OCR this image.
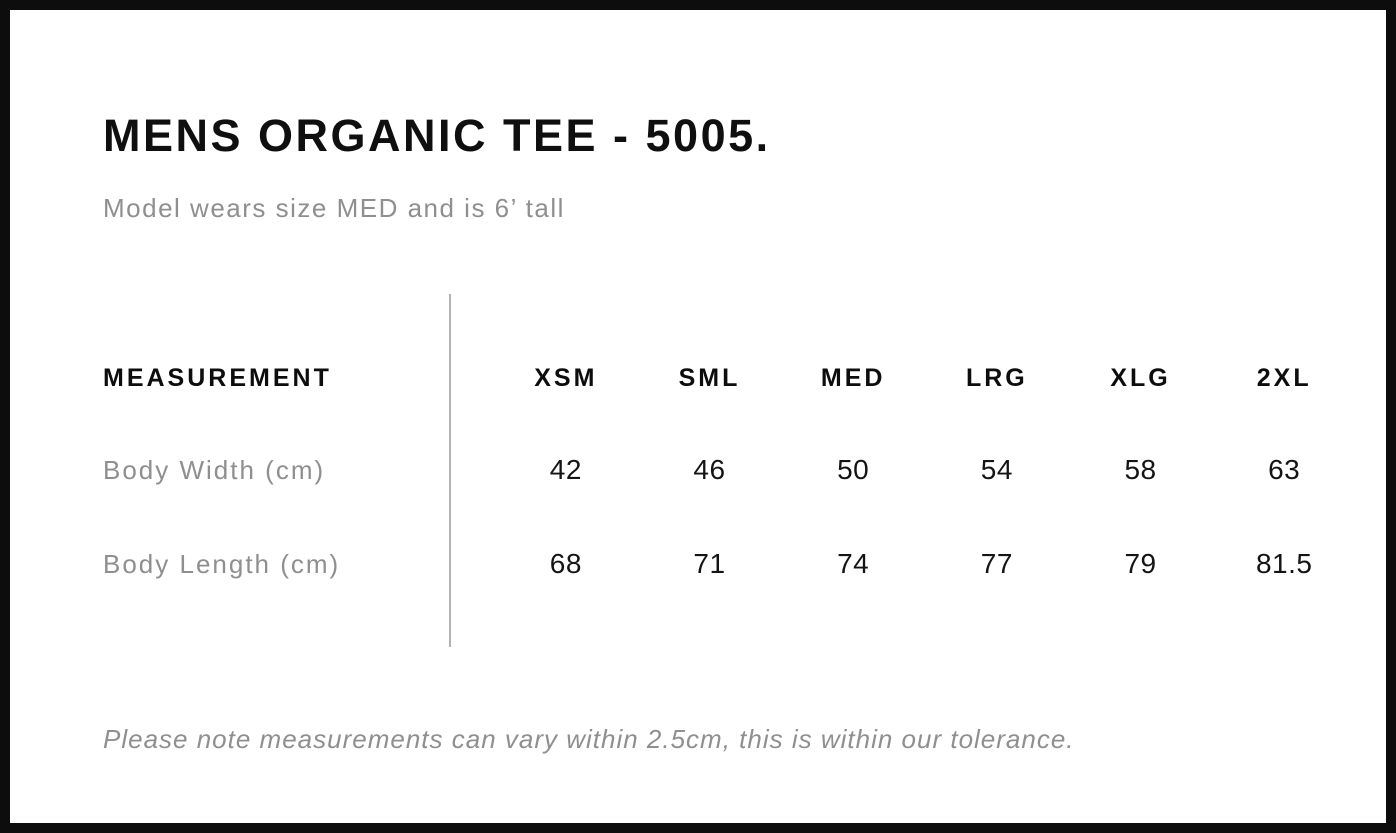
MENS ORGANIC TEE - 5005.

Model wears size MED and is 6’ tall

MEASUREMENT	XSM	SML	MED	LRG	XLG	2XL
Body Width (cm)	42	46	50	54	58	63
Body Length (cm)	68	71	74	77	79	81.5

Please note measurements can vary within 2.5cm, this is within our tolerance.
